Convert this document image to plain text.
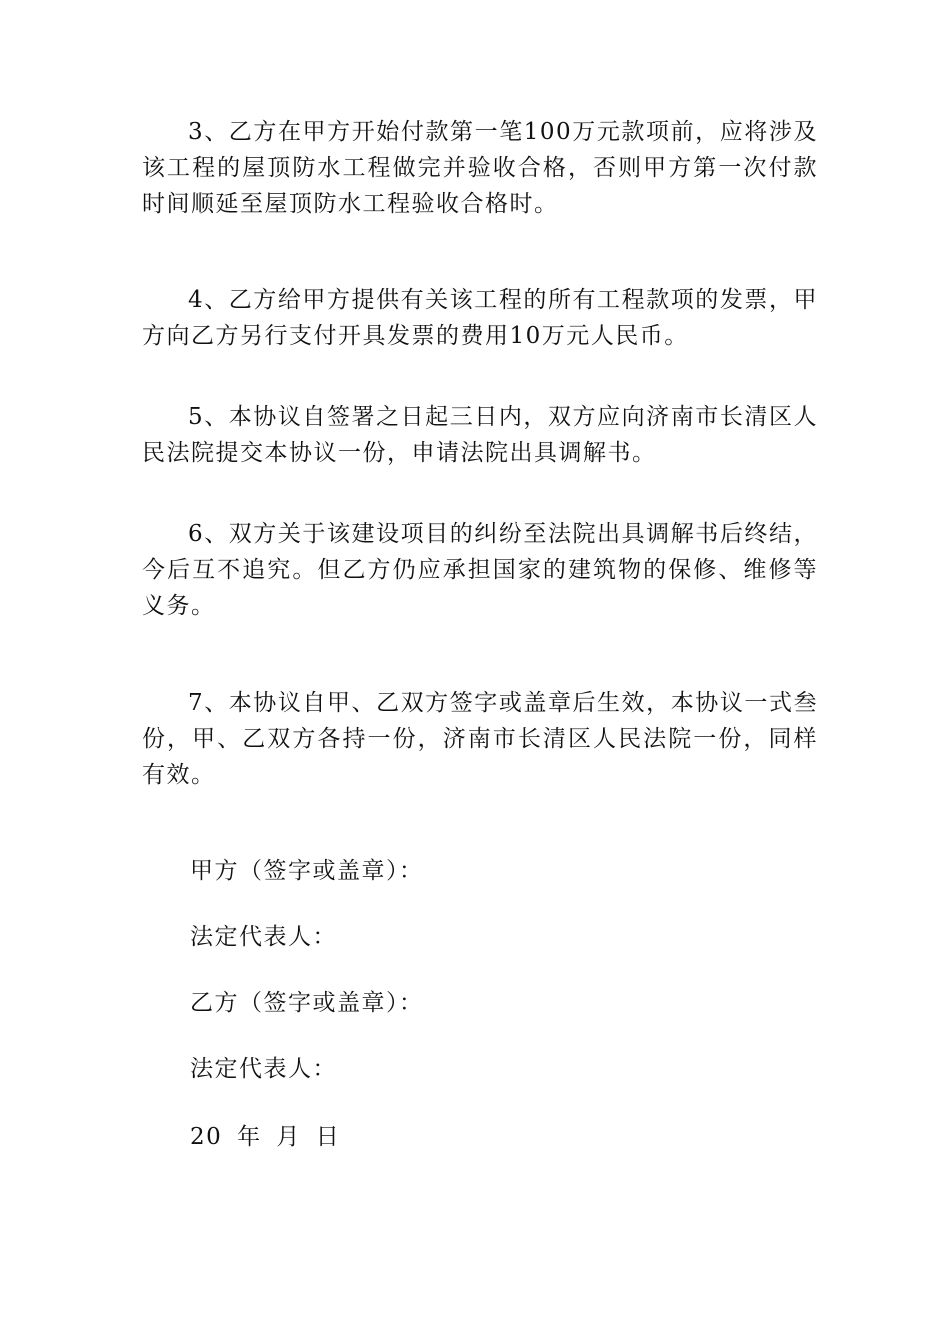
3、乙方在甲方开始付款第一笔100万元款项前，应将涉及该工程的屋顶防水工程做完并验收合格，否则甲方第一次付款时间顺延至屋顶防水工程验收合格时。

4、乙方给甲方提供有关该工程的所有工程款项的发票，甲方向乙方另行支付开具发票的费用10万元人民币。

5、本协议自签署之日起三日内，双方应向济南市长清区人民法院提交本协议一份，申请法院出具调解书。

6、双方关于该建设项目的纠纷至法院出具调解书后终结，今后互不追究。但乙方仍应承担国家的建筑物的保修、维修等义务。

7、本协议自甲、乙双方签字或盖章后生效，本协议一式叁份，甲、乙双方各持一份，济南市长清区人民法院一份，同样有效。

甲方（签字或盖章）：

法定代表人：

乙方（签字或盖章）：

法定代表人：

20 年 月 日
